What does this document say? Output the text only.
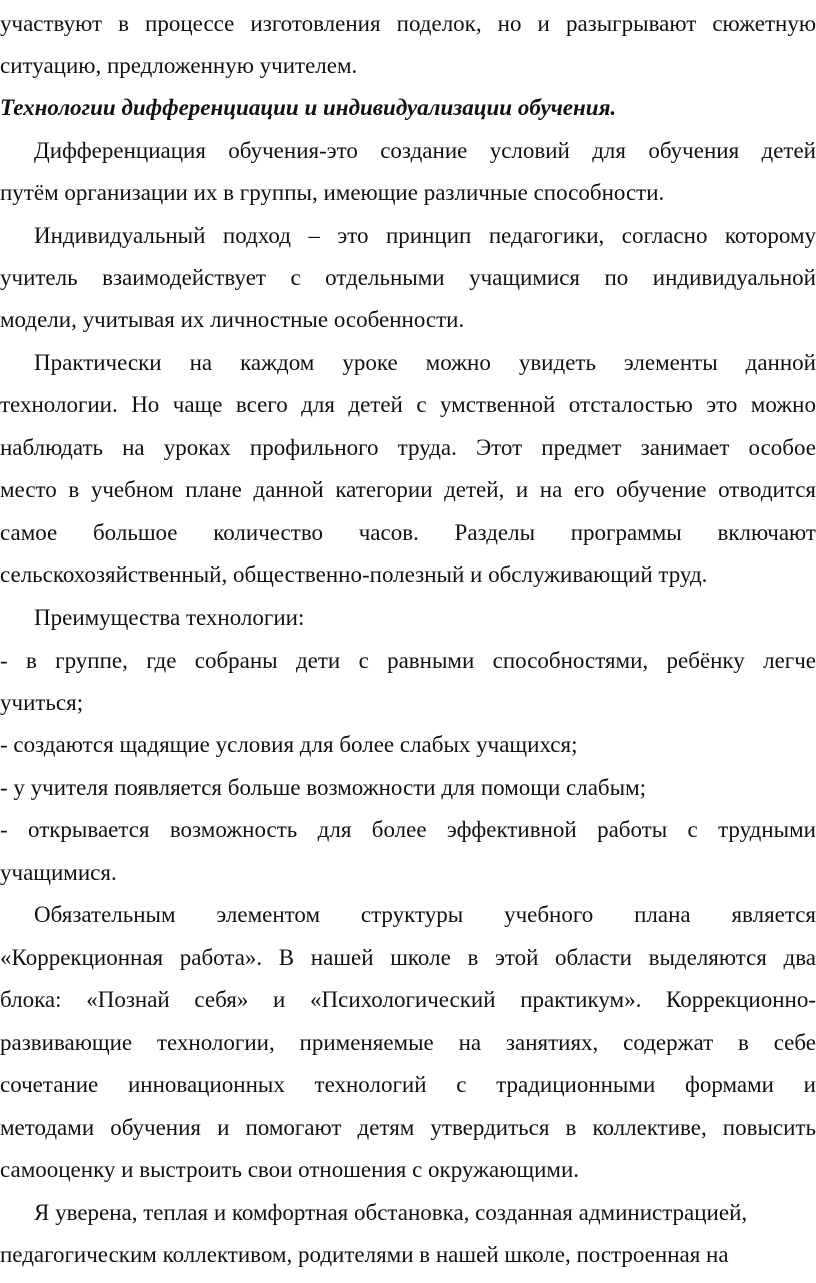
участвуют в процессе изготовления поделок, но и разыгрывают сюжетную
ситуацию, предложенную учителем.
Технологии дифференциации и индивидуализации обучения.
Дифференциация обучения-это создание условий для обучения детей
путём организации их в группы, имеющие различные способности.
Индивидуальный подход – это принцип педагогики, согласно которому
учитель взаимодействует с отдельными учащимися по индивидуальной
модели, учитывая их личностные особенности.
Практически на каждом уроке можно увидеть элементы данной
технологии. Но чаще всего для детей с умственной отсталостью это можно
наблюдать на уроках профильного труда. Этот предмет занимает особое
место в учебном плане данной категории детей, и на его обучение отводится
самое большое количество часов. Разделы программы включают
сельскохозяйственный, общественно-полезный и обслуживающий труд.
Преимущества технологии:
- в группе, где собраны дети с равными способностями, ребёнку легче
учиться;
- создаются щадящие условия для более слабых учащихся;
- у учителя появляется больше возможности для помощи слабым;
- открывается возможность для более эффективной работы с трудными
учащимися.
Обязательным элементом структуры учебного плана является
«Коррекционная работа». В нашей школе в этой области выделяются два
блока: «Познай себя» и «Психологический практикум». Коррекционно-
развивающие технологии, применяемые на занятиях, содержат в себе
сочетание инновационных технологий с традиционными формами и
методами обучения и помогают детям утвердиться в коллективе, повысить
самооценку и выстроить свои отношения с окружающими.
Я уверена, теплая и комфортная обстановка, созданная администрацией,
педагогическим коллективом, родителями в нашей школе, построенная на
